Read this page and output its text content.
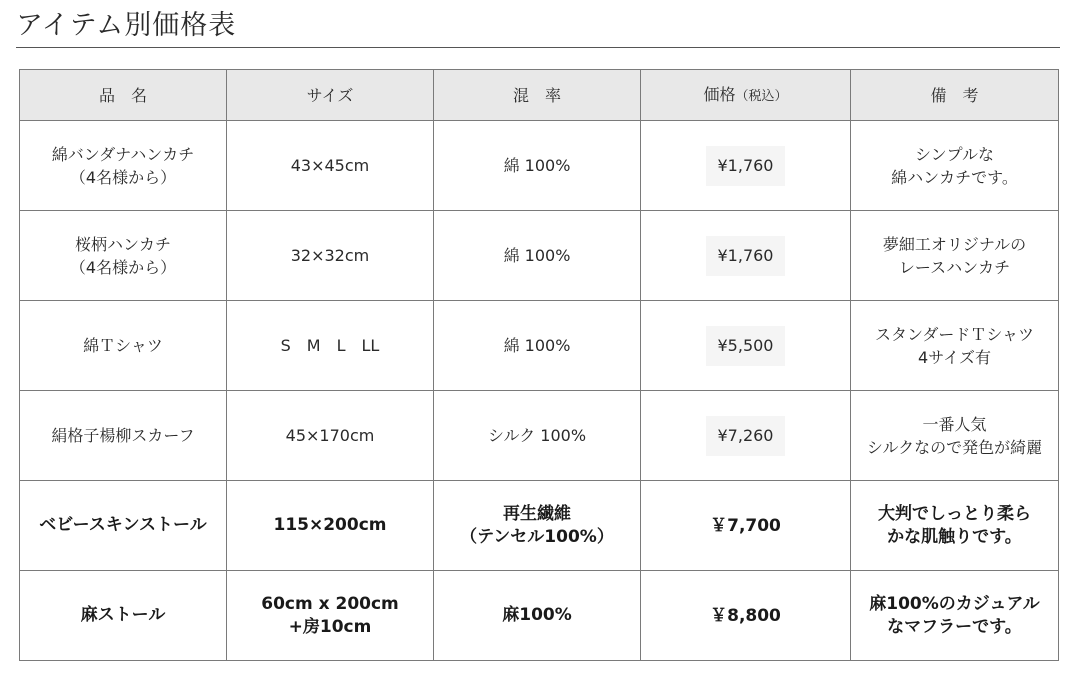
アイテム別価格表
品　名	サイズ	混　率	価格（税込）	備　考

綿バンダナハンカチ
（4名様から）	43×45cm	綿 100%	¥1,760	シンプルな
綿ハンカチです。

桜柄ハンカチ
（4名様から）	32×32cm	綿 100%	¥1,760	夢細工オリジナルの
レースハンカチ

綿Ｔシャツ	S　M　L　LL	綿 100%	¥5,500	スタンダードＴシャツ
4サイズ有

絹格子楊柳スカーフ	45×170cm	シルク 100%	¥7,260	一番人気
シルクなので発色が綺麗

ベビースキンストール	115×200cm	再生繊維
（テンセル100%）	￥7,700	大判でしっとり柔ら
かな肌触りです。

麻ストール	60cm x 200cm
+房10cm	麻100%	￥8,800	麻100%のカジュアル
なマフラーです。
